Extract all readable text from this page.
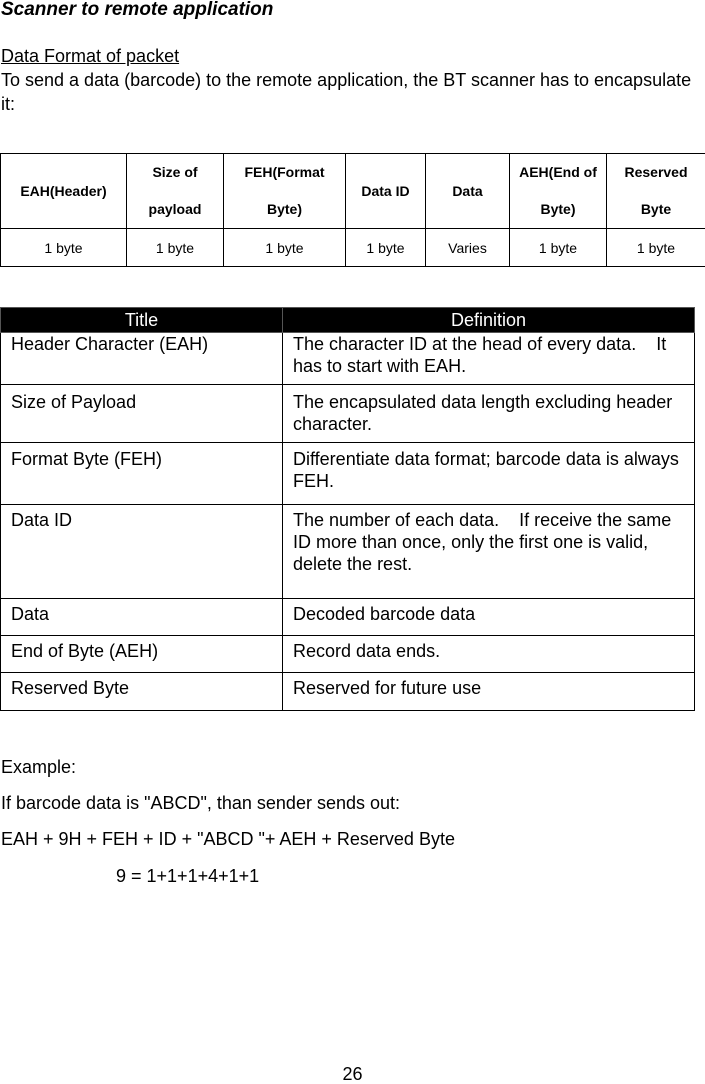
Scanner to remote application
Data Format of packet
To send a data (barcode) to the remote application, the BT scanner has to encapsulate it:
EAH(Header)	Size of payload	FEH(Format Byte)	Data ID	Data	AEH(End of Byte)	Reserved Byte
1 byte	1 byte	1 byte	1 byte	Varies	1 byte	1 byte
Title	Definition
Header Character (EAH)	The character ID at the head of every data.    It has to start with EAH.
Size of Payload	The encapsulated data length excluding header character.
Format Byte (FEH)	Differentiate data format; barcode data is always FEH.
Data ID	The number of each data.    If receive the same ID more than once, only the first one is valid, delete the rest.
Data	Decoded barcode data
End of Byte (AEH)	Record data ends.
Reserved Byte	Reserved for future use
Example:
If barcode data is "ABCD", than sender sends out:
EAH + 9H + FEH + ID + "ABCD "+ AEH + Reserved Byte
9 = 1+1+1+4+1+1
26
